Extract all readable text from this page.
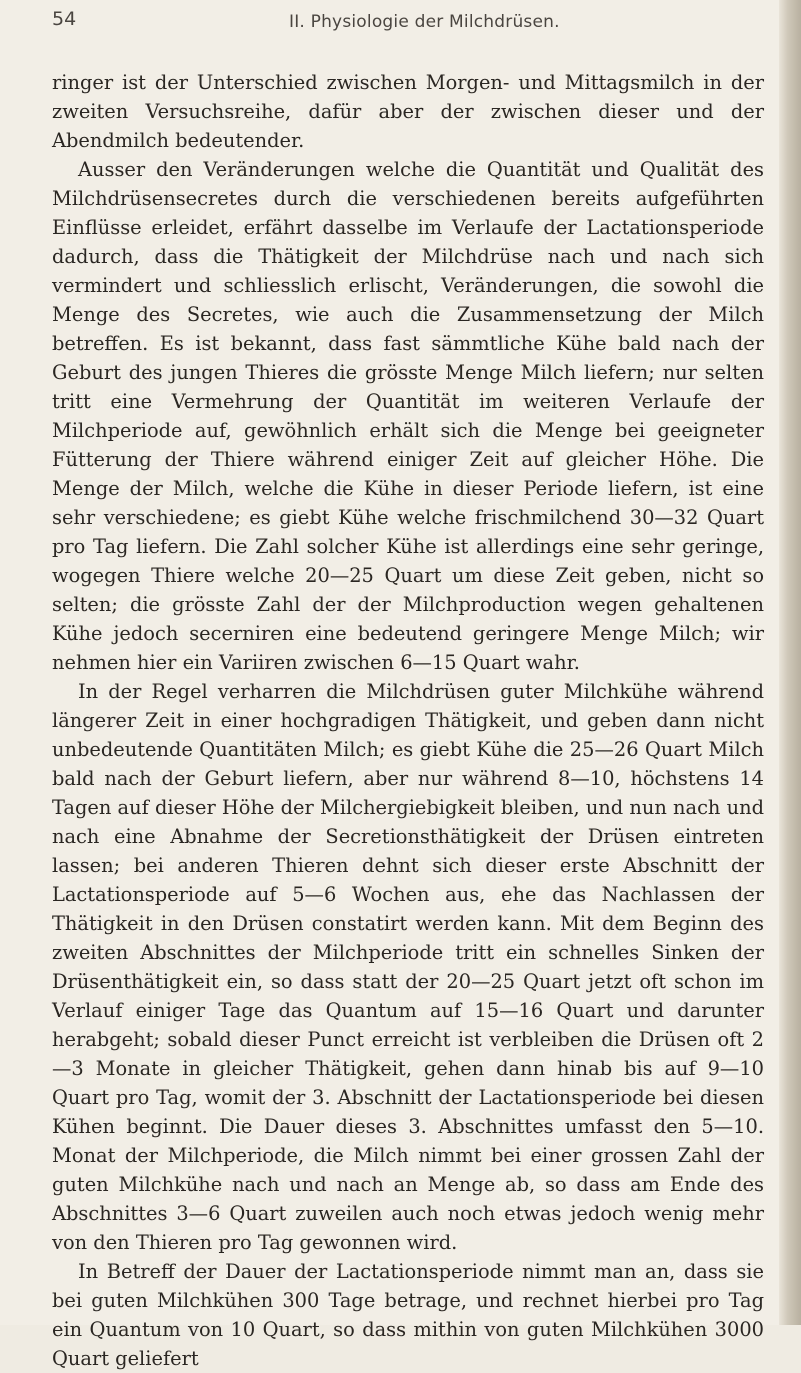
54	II. Physiologie der Milchdrüsen.

ringer ist der Unterschied zwischen Morgen- und Mittagsmilch in der zweiten Versuchsreihe, dafür aber der zwischen dieser und der Abendmilch bedeutender.

Ausser den Veränderungen welche die Quantität und Qualität des Milchdrüsensecretes durch die verschiedenen bereits aufgeführten Einflüsse erleidet, erfährt dasselbe im Verlaufe der Lactationsperiode dadurch, dass die Thätigkeit der Milchdrüse nach und nach sich vermindert und schliesslich erlischt, Veränderungen, die sowohl die Menge des Secretes, wie auch die Zusammensetzung der Milch betreffen. Es ist bekannt, dass fast sämmtliche Kühe bald nach der Geburt des jungen Thieres die grösste Menge Milch liefern; nur selten tritt eine Vermehrung der Quantität im weiteren Verlaufe der Milchperiode auf, gewöhnlich erhält sich die Menge bei geeigneter Fütterung der Thiere während einiger Zeit auf gleicher Höhe. Die Menge der Milch, welche die Kühe in dieser Periode liefern, ist eine sehr verschiedene; es giebt Kühe welche frischmilchend 30—32 Quart pro Tag liefern. Die Zahl solcher Kühe ist allerdings eine sehr geringe, wogegen Thiere welche 20—25 Quart um diese Zeit geben, nicht so selten; die grösste Zahl der der Milchproduction wegen gehaltenen Kühe jedoch secerniren eine bedeutend geringere Menge Milch; wir nehmen hier ein Variiren zwischen 6—15 Quart wahr.

In der Regel verharren die Milchdrüsen guter Milchkühe während längerer Zeit in einer hochgradigen Thätigkeit, und geben dann nicht unbedeutende Quantitäten Milch; es giebt Kühe die 25—26 Quart Milch bald nach der Geburt liefern, aber nur während 8—10, höchstens 14 Tagen auf dieser Höhe der Milchergiebigkeit bleiben, und nun nach und nach eine Abnahme der Secretionsthätigkeit der Drüsen eintreten lassen; bei anderen Thieren dehnt sich dieser erste Abschnitt der Lactationsperiode auf 5—6 Wochen aus, ehe das Nachlassen der Thätigkeit in den Drüsen constatirt werden kann. Mit dem Beginn des zweiten Abschnittes der Milchperiode tritt ein schnelles Sinken der Drüsenthätigkeit ein, so dass statt der 20—25 Quart jetzt oft schon im Verlauf einiger Tage das Quantum auf 15—16 Quart und darunter herabgeht; sobald dieser Punct erreicht ist verbleiben die Drüsen oft 2—3 Monate in gleicher Thätigkeit, gehen dann hinab bis auf 9—10 Quart pro Tag, womit der 3. Abschnitt der Lactationsperiode bei diesen Kühen beginnt. Die Dauer dieses 3. Abschnittes umfasst den 5—10. Monat der Milchperiode, die Milch nimmt bei einer grossen Zahl der guten Milchkühe nach und nach an Menge ab, so dass am Ende des Abschnittes 3—6 Quart zuweilen auch noch etwas jedoch wenig mehr von den Thieren pro Tag gewonnen wird.

In Betreff der Dauer der Lactationsperiode nimmt man an, dass sie bei guten Milchkühen 300 Tage betrage, und rechnet hierbei pro Tag ein Quantum von 10 Quart, so dass mithin von guten Milchkühen 3000 Quart geliefert
